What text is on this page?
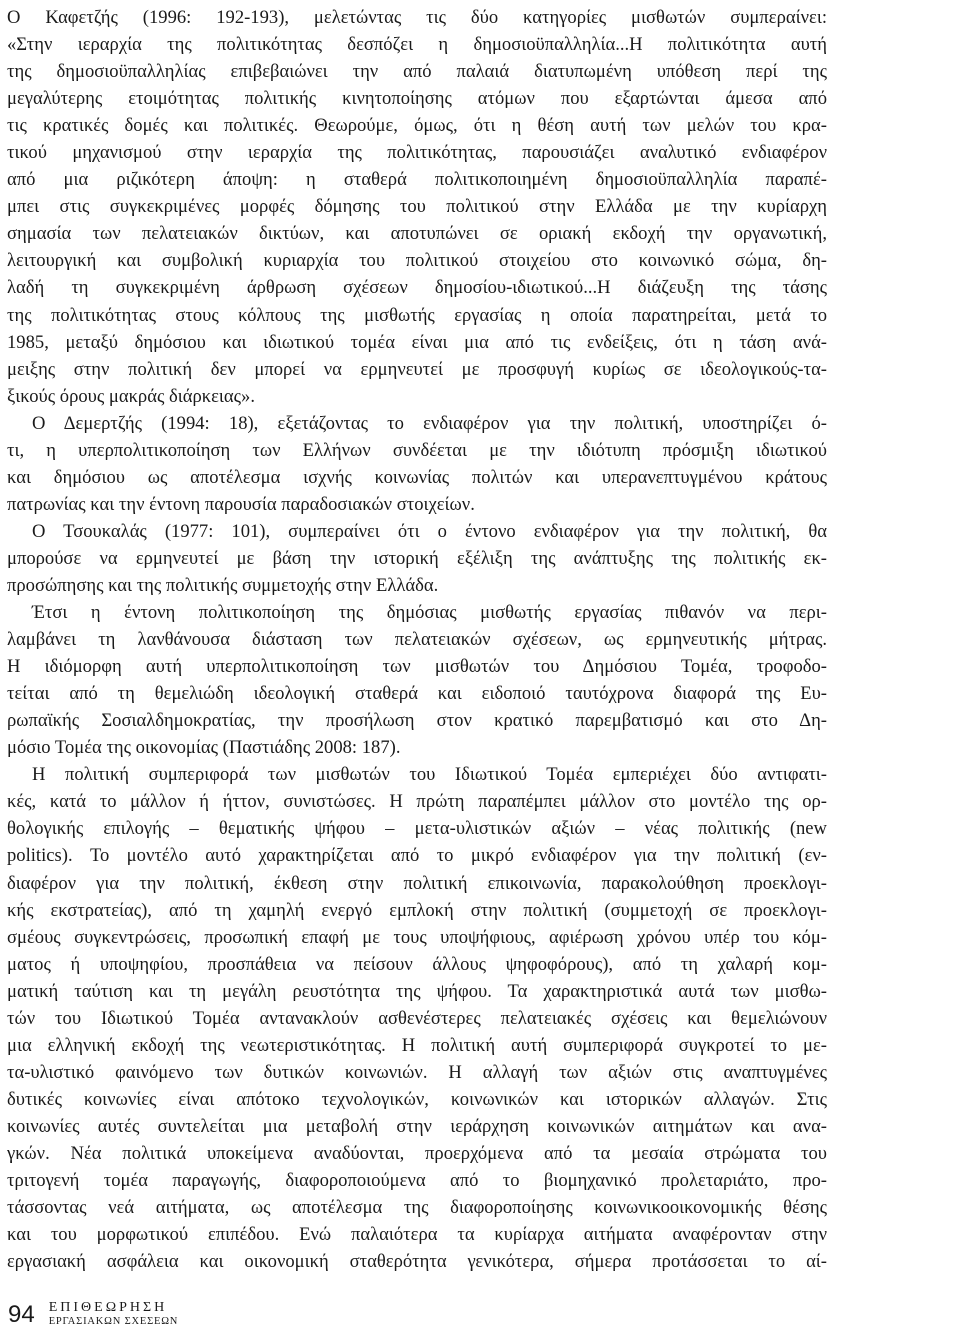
Ο Καφετζής (1996: 192-193), μελετώντας τις δύο κατηγορίες μισθωτών συμπεραίνει:
«Στην ιεραρχία της πολιτικότητας δεσπόζει η δημοσιοϋπαλληλία...Η πολιτικότητα αυτή
της δημοσιοϋπαλληλίας επιβεβαιώνει την από παλαιά διατυπωμένη υπόθεση περί της
μεγαλύτερης ετοιμότητας πολιτικής κινητοποίησης ατόμων που εξαρτώνται άμεσα από
τις κρατικές δομές και πολιτικές. Θεωρούμε, όμως, ότι η θέση αυτή των μελών του κρα-
τικού μηχανισμού στην ιεραρχία της πολιτικότητας, παρουσιάζει αναλυτικό ενδιαφέρον
από μια ριζικότερη άποψη: η σταθερά πολιτικοποιημένη δημοσιοϋπαλληλία παραπέ-
μπει στις συγκεκριμένες μορφές δόμησης του πολιτικού στην Ελλάδα με την κυρίαρχη
σημασία των πελατειακών δικτύων, και αποτυπώνει σε οριακή εκδοχή την οργανωτική,
λειτουργική και συμβολική κυριαρχία του πολιτικού στοιχείου στο κοινωνικό σώμα, δη-
λαδή τη συγκεκριμένη άρθρωση σχέσεων δημοσίου-ιδιωτικού...Η διάζευξη της τάσης
της πολιτικότητας στους κόλπους της μισθωτής εργασίας η οποία παρατηρείται, μετά το
1985, μεταξύ δημόσιου και ιδιωτικού τομέα είναι μια από τις ενδείξεις, ότι η τάση ανά-
μειξης στην πολιτική δεν μπορεί να ερμηνευτεί με προσφυγή κυρίως σε ιδεολογικούς-τα-
ξικούς όρους μακράς διάρκειας».
Ο Δεμερτζής (1994: 18), εξετάζοντας το ενδιαφέρον για την πολιτική, υποστηρίζει ό-
τι, η υπερπολιτικοποίηση των Ελλήνων συνδέεται με την ιδιότυπη πρόσμιξη ιδιωτικού
και δημόσιου ως αποτέλεσμα ισχνής κοινωνίας πολιτών και υπερανεπτυγμένου κράτους
πατρωνίας και την έντονη παρουσία παραδοσιακών στοιχείων.
Ο Τσουκαλάς (1977: 101), συμπεραίνει ότι ο έντονο ενδιαφέρον για την πολιτική, θα
μπορούσε να ερμηνευτεί με βάση την ιστορική εξέλιξη της ανάπτυξης της πολιτικής εκ-
προσώπησης και της πολιτικής συμμετοχής στην Ελλάδα.
Έτσι η έντονη πολιτικοποίηση της δημόσιας μισθωτής εργασίας πιθανόν να περι-
λαμβάνει τη λανθάνουσα διάσταση των πελατειακών σχέσεων, ως ερμηνευτικής μήτρας.
Η ιδιόμορφη αυτή υπερπολιτικοποίηση των μισθωτών του Δημόσιου Τομέα, τροφοδο-
τείται από τη θεμελιώδη ιδεολογική σταθερά και ειδοποιό ταυτόχρονα διαφορά της Ευ-
ρωπαϊκής Σοσιαλδημοκρατίας, την προσήλωση στον κρατικό παρεμβατισμό και στο Δη-
μόσιο Τομέα της οικονομίας (Παστιάδης 2008: 187).
Η πολιτική συμπεριφορά των μισθωτών του Ιδιωτικού Τομέα εμπεριέχει δύο αντιφατι-
κές, κατά το μάλλον ή ήττον, συνιστώσες. Η πρώτη παραπέμπει μάλλον στο μοντέλο της ορ-
θολογικής επιλογής – θεματικής ψήφου – μετα-υλιστικών αξιών – νέας πολιτικής (new
politics). Το μοντέλο αυτό χαρακτηρίζεται από το μικρό ενδιαφέρον για την πολιτική (εν-
διαφέρον για την πολιτική, έκθεση στην πολιτική επικοινωνία, παρακολούθηση προεκλογι-
κής εκστρατείας), από τη χαμηλή ενεργό εμπλοκή στην πολιτική (συμμετοχή σε προεκλογι-
σμέους συγκεντρώσεις, προσωπική επαφή με τους υποψήφιους, αφιέρωση χρόνου υπέρ του κόμ-
ματος ή υποψηφίου, προσπάθεια να πείσουν άλλους ψηφοφόρους), από τη χαλαρή κομ-
ματική ταύτιση και τη μεγάλη ρευστότητα της ψήφου. Τα χαρακτηριστικά αυτά των μισθω-
τών του Ιδιωτικού Τομέα αντανακλούν ασθενέστερες πελατειακές σχέσεις και θεμελιώνουν
μια ελληνική εκδοχή της νεωτεριστικότητας. Η πολιτική αυτή συμπεριφορά συγκροτεί το με-
τα-υλιστικό φαινόμενο των δυτικών κοινωνιών. Η αλλαγή των αξιών στις αναπτυγμένες
δυτικές κοινωνίες είναι απότοκο τεχνολογικών, κοινωνικών και ιστορικών αλλαγών. Στις
κοινωνίες αυτές συντελείται μια μεταβολή στην ιεράρχηση κοινωνικών αιτημάτων και ανα-
γκών. Νέα πολιτικά υποκείμενα αναδύονται, προερχόμενα από τα μεσαία στρώματα του
τριτογενή τομέα παραγωγής, διαφοροποιούμενα από το βιομηχανικό προλεταριάτο, προ-
τάσσοντας νεά αιτήματα, ως αποτέλεσμα της διαφοροποίησης κοινωνικοοικονομικής θέσης
και του μορφωτικού επιπέδου. Ενώ παλαιότερα τα κυρίαρχα αιτήματα αναφέρονταν στην
εργασιακή ασφάλεια και οικονομική σταθερότητα γενικότερα, σήμερα προτάσσεται το αί-
94 ΕΠΙΘΕΩΡΗΣΗ
ΕΡΓΑΣΙΑΚΩΝ ΣΧΕΣΕΩΝ
